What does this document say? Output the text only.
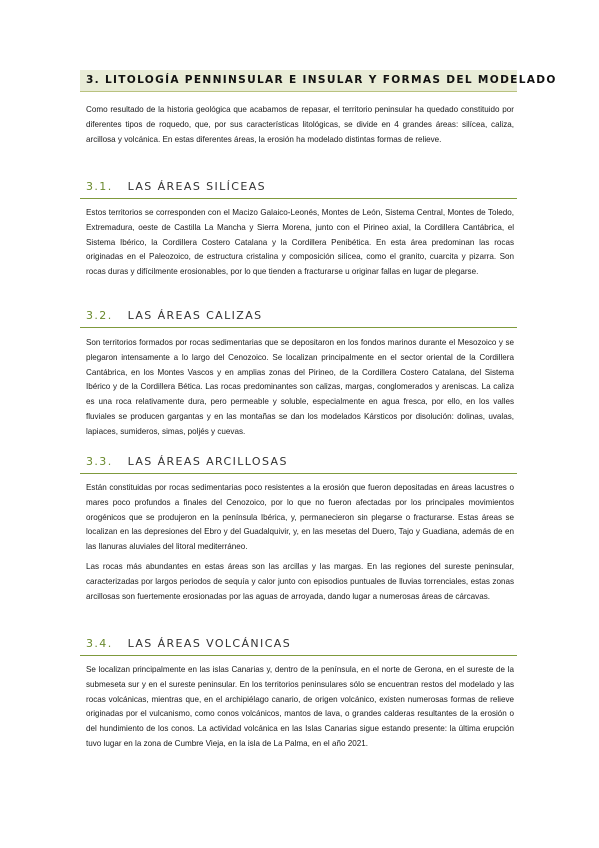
3. LITOLOGÍA PENNINSULAR E INSULAR Y FORMAS DEL MODELADO

Como resultado de la historia geológica que acabamos de repasar, el territorio peninsular ha quedado constituido por diferentes tipos de roquedo, que, por sus características litológicas, se divide en 4 grandes áreas: silícea, caliza, arcillosa y volcánica. En estas diferentes áreas, la erosión ha modelado distintas formas de relieve.

3.1. LAS ÁREAS SILÍCEAS

Estos territorios se corresponden con el Macizo Galaico-Leonés, Montes de León, Sistema Central, Montes de Toledo, Extremadura, oeste de Castilla La Mancha y Sierra Morena, junto con el Pirineo axial, la Cordillera Cantábrica, el Sistema Ibérico, la Cordillera Costero Catalana y la Cordillera Penibética. En esta área predominan las rocas originadas en el Paleozoico, de estructura cristalina y composición silícea, como el granito, cuarcita y pizarra. Son rocas duras y difícilmente erosionables, por lo que tienden a fracturarse u originar fallas en lugar de plegarse.

3.2. LAS ÁREAS CALIZAS

Son territorios formados por rocas sedimentarias que se depositaron en los fondos marinos durante el Mesozoico y se plegaron intensamente a lo largo del Cenozoico. Se localizan principalmente en el sector oriental de la Cordillera Cantábrica, en los Montes Vascos y en amplias zonas del Pirineo, de la Cordillera Costero Catalana, del Sistema Ibérico y de la Cordillera Bética. Las rocas predominantes son calizas, margas, conglomerados y areniscas. La caliza es una roca relativamente dura, pero permeable y soluble, especialmente en agua fresca, por ello, en los valles fluviales se producen gargantas y en las montañas se dan los modelados Kársticos por disolución: dolinas, uvalas, lapiaces, sumideros, simas, poljés y cuevas.

3.3. LAS ÁREAS ARCILLOSAS

Están constituidas por rocas sedimentarias poco resistentes a la erosión que fueron depositadas en áreas lacustres o mares poco profundos a finales del Cenozoico, por lo que no fueron afectadas por los principales movimientos orogénicos que se produjeron en la península Ibérica, y, permanecieron sin plegarse o fracturarse. Estas áreas se localizan en las depresiones del Ebro y del Guadalquivir, y, en las mesetas del Duero, Tajo y Guadiana, además de en las llanuras aluviales del litoral mediterráneo.

Las rocas más abundantes en estas áreas son las arcillas y las margas. En las regiones del sureste peninsular, caracterizadas por largos periodos de sequía y calor junto con episodios puntuales de lluvias torrenciales, estas zonas arcillosas son fuertemente erosionadas por las aguas de arroyada, dando lugar a numerosas áreas de cárcavas.

3.4. LAS ÁREAS VOLCÁNICAS

Se localizan principalmente en las islas Canarias y, dentro de la península, en el norte de Gerona, en el sureste de la submeseta sur y en el sureste peninsular. En los territorios peninsulares sólo se encuentran restos del modelado y las rocas volcánicas, mientras que, en el archipiélago canario, de origen volcánico, existen numerosas formas de relieve originadas por el vulcanismo, como conos volcánicos, mantos de lava, o grandes calderas resultantes de la erosión o del hundimiento de los conos. La actividad volcánica en las Islas Canarias sigue estando presente: la última erupción tuvo lugar en la zona de Cumbre Vieja, en la isla de La Palma, en el año 2021.
